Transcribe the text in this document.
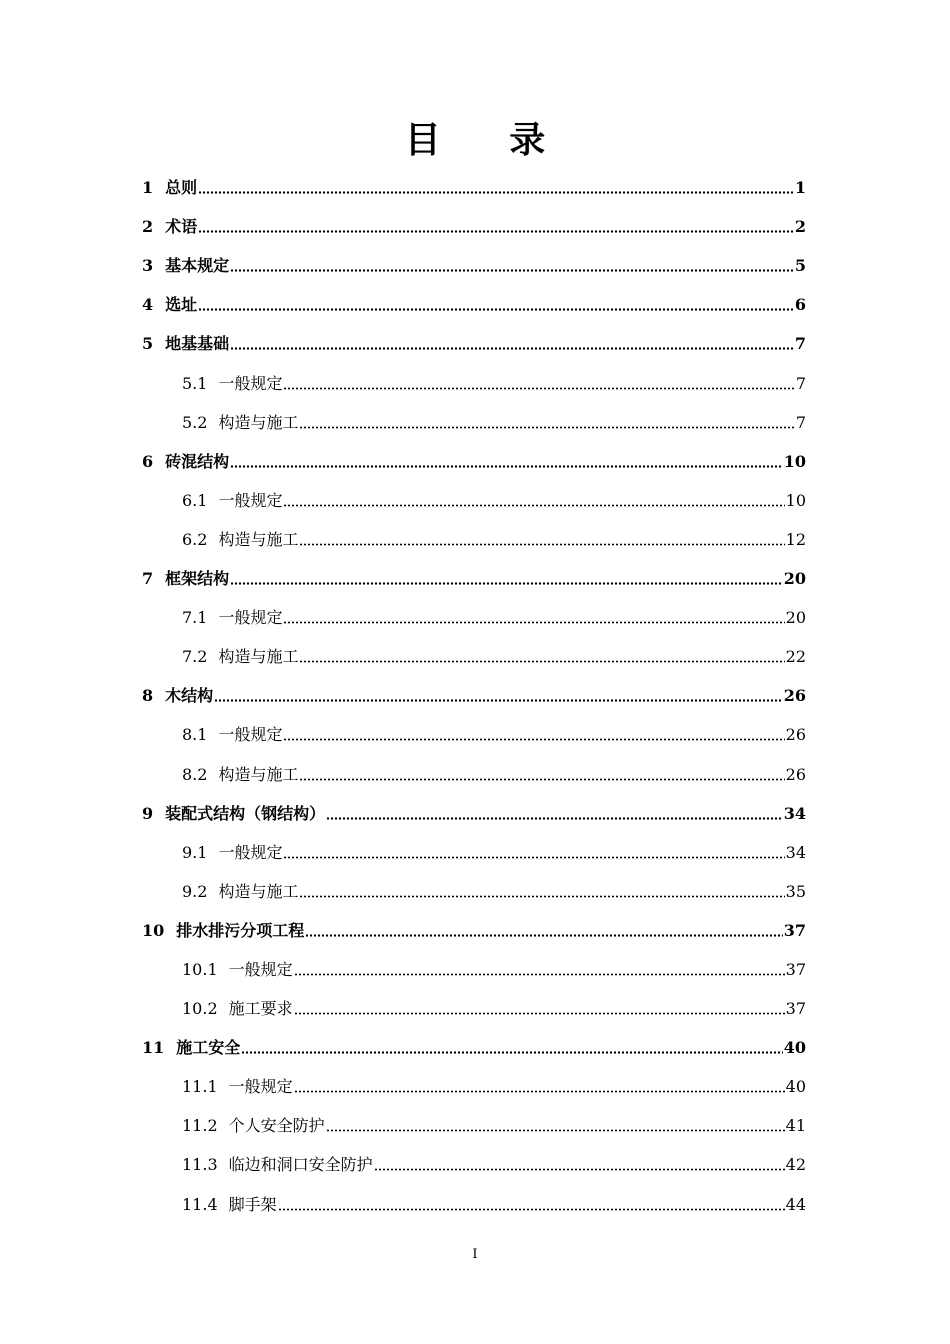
目 录
1 总则	1
2 术语	2
3 基本规定	5
4 选址	6
5 地基基础	7
5.1 一般规定	7
5.2 构造与施工	7
6 砖混结构	10
6.1 一般规定	10
6.2 构造与施工	12
7 框架结构	20
7.1 一般规定	20
7.2 构造与施工	22
8 木结构	26
8.1 一般规定	26
8.2 构造与施工	26
9 装配式结构（钢结构）	34
9.1 一般规定	34
9.2 构造与施工	35
10 排水排污分项工程	37
10.1 一般规定	37
10.2 施工要求	37
11 施工安全	40
11.1 一般规定	40
11.2 个人安全防护	41
11.3 临边和洞口安全防护	42
11.4 脚手架	44
I
